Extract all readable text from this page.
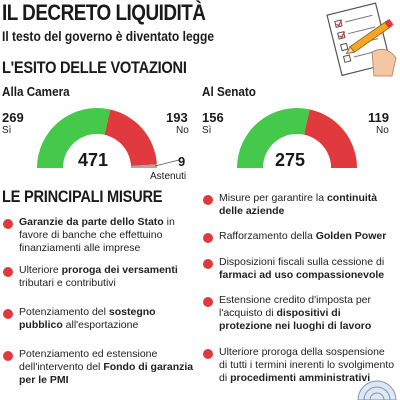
IL DECRETO LIQUIDITÀ
Il testo del governo è diventato legge
L'ESITO DELLE VOTAZIONI
Alla Camera
269
Sì
193
No
471	9
Astenuti
Al Senato
156
Sì
119
No
275
LE PRINCIPALI MISURE
Garanzie da parte dello Stato in favore di banche che effettuino finanziamenti alle imprese
Ulteriore proroga dei versamenti tributari e contributivi
Potenziamento del sostegno pubblico all'esportazione
Potenziamento ed estensione dell'intervento del Fondo di garanzia per le PMI
Misure per garantire la continuità delle aziende
Rafforzamento della Golden Power
Disposizioni fiscali sulla cessione di farmaci ad uso compassionevole
Estensione credito d'imposta per l'acquisto di dispositivi di protezione nei luoghi di lavoro
Ulteriore proroga della sospensione di tutti i termini inerenti lo svolgimento di procedimenti amministrativi
